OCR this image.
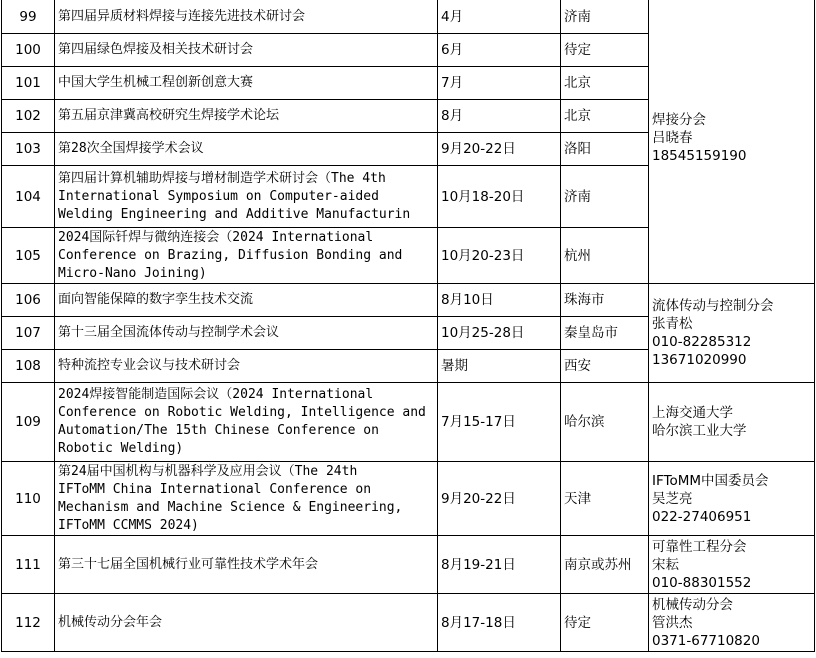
99	第四届异质材料焊接与连接先进技术研讨会	4月	济南	焊接分会
吕晓春
18545159190

100	第四届绿色焊接及相关技术研讨会	6月	待定	
101	中国大学生机械工程创新创意大赛	7月	北京	
102	第五届京津冀高校研究生焊接学术论坛	8月	北京	
103	第28次全国焊接学术会议	9月20-22日	洛阳	
104	第四届计算机辅助焊接与增材制造学术研讨会（The 4th
International Symposium on Computer-aided
Welding Engineering and Additive Manufacturin	10月18-20日	济南	
105	2024国际钎焊与微纳连接会（2024 International
Conference on Brazing, Diffusion Bonding and
Micro-Nano Joining)	10月20-23日	杭州	
106	面向智能保障的数字孪生技术交流	8月10日	珠海市	流体传动与控制分会
张青松
010-82285312
13671020990

107	第十三届全国流体传动与控制学术会议	10月25-28日	秦皇岛市	
108	特种流控专业会议与技术研讨会	暑期	西安	
109	2024焊接智能制造国际会议（2024 International
Conference on Robotic Welding, Intelligence and
Automation/The 15th Chinese Conference on
Robotic Welding)	7月15-17日	哈尔滨	上海交通大学
哈尔滨工业大学

110	第24届中国机构与机器科学及应用会议（The 24th
IFToMM China International Conference on
Mechanism and Machine Science & Engineering,
IFToMM CCMMS 2024)	9月20-22日	天津	IFToMM中国委员会
吴芝亮
022-27406951

111	第三十七届全国机械行业可靠性技术学术年会	8月19-21日	南京或苏州	可靠性工程分会
宋耘
010-88301552

112	机械传动分会年会	8月17-18日	待定	机械传动分会
管洪杰
0371-67710820
